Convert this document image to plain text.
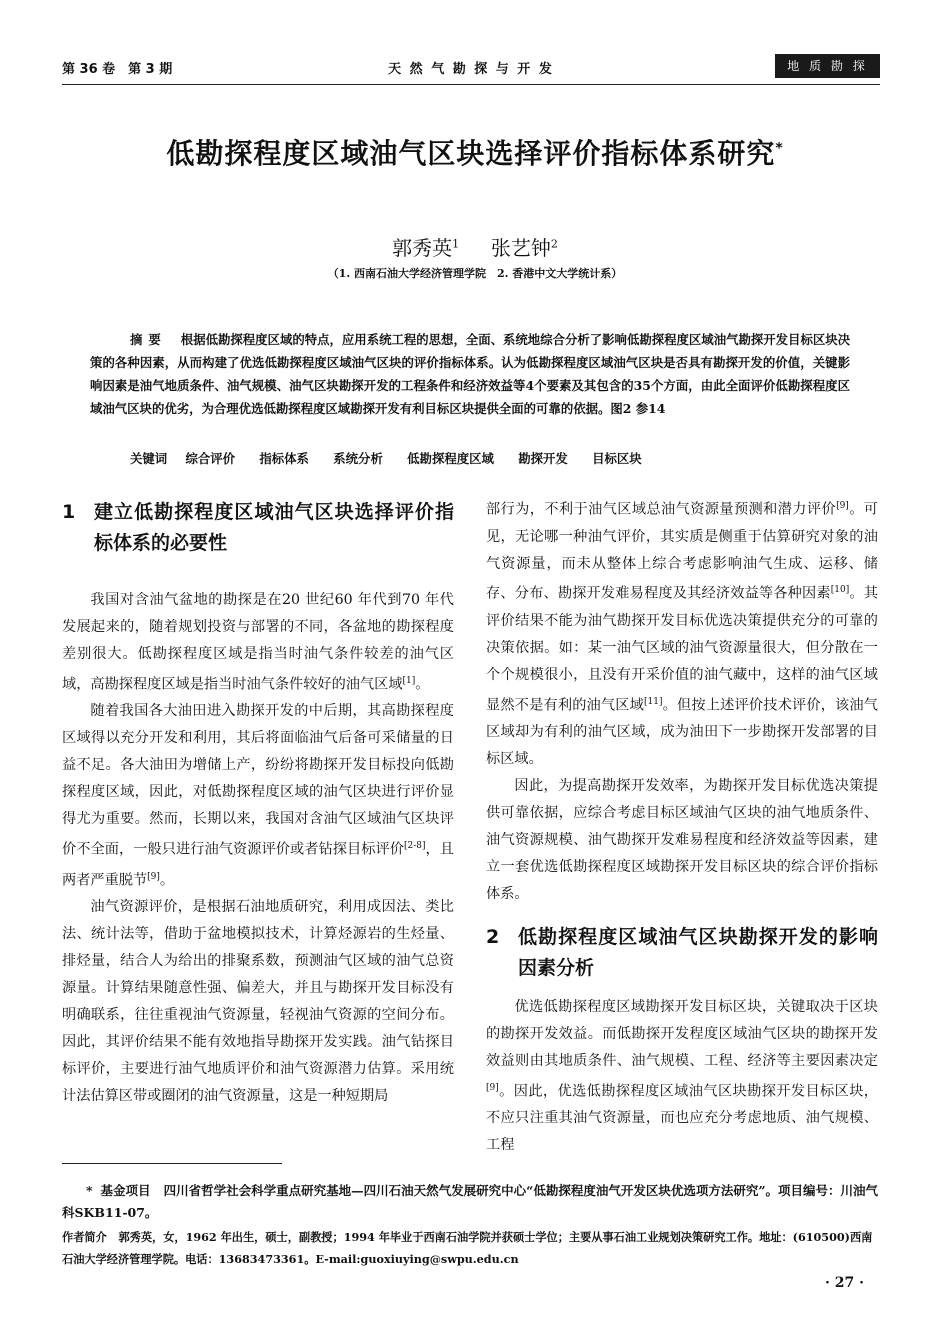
第 36 卷　第 3 期	天 然 气 勘 探 与 开 发	地 质 勘 探
低勘探程度区域油气区块选择评价指标体系研究*
郭秀英$^1$ 张艺钟$^2$
（1. 西南石油大学经济管理学院　2. 香港中文大学统计系）
摘要 根据低勘探程度区域的特点，应用系统工程的思想，全面、系统地综合分析了影响低勘探程度区域油气勘探开发目标区块决策的各种因素，从而构建了优选低勘探程度区域油气区块的评价指标体系。认为低勘探程度区域油气区块是否具有勘探开发的价值，关键影响因素是油气地质条件、油气规模、油气区块勘探开发的工程条件和经济效益等4个要素及其包含的35个方面，由此全面评价低勘探程度区域油气区块的优劣，为合理优选低勘探程度区域勘探开发有利目标区块提供全面的可靠的依据。图2 参14
关键词 综合评价 指标体系 系统分析 低勘探程度区域 勘探开发 目标区块
1 建立低勘探程度区域油气区块选择评价指标体系的必要性

我国对含油气盆地的勘探是在20 世纪60 年代到70 年代发展起来的，随着规划投资与部署的不同，各盆地的勘探程度差别很大。低勘探程度区域是指当时油气条件较差的油气区域，高勘探程度区域是指当时油气条件较好的油气区域[1]。

随着我国各大油田进入勘探开发的中后期，其高勘探程度区域得以充分开发和利用，其后将面临油气后备可采储量的日益不足。各大油田为增储上产，纷纷将勘探开发目标投向低勘探程度区域，因此，对低勘探程度区域的油气区块进行评价显得尤为重要。然而，长期以来，我国对含油气区域油气区块评价不全面，一般只进行油气资源评价或者钻探目标评价[2-8]，且两者严重脱节[9]。

油气资源评价，是根据石油地质研究，利用成因法、类比法、统计法等，借助于盆地模拟技术，计算烃源岩的生烃量、排烃量，结合人为给出的排聚系数，预测油气区域的油气总资源量。计算结果随意性强、偏差大，并且与勘探开发目标没有明确联系，往往重视油气资源量，轻视油气资源的空间分布。因此，其评价结果不能有效地指导勘探开发实践。油气钻探目标评价，主要进行油气地质评价和油气资源潜力估算。采用统计法估算区带或圈闭的油气资源量，这是一种短期局

部行为，不利于油气区域总油气资源量预测和潜力评价[9]。可见，无论哪一种油气评价，其实质是侧重于估算研究对象的油气资源量，而未从整体上综合考虑影响油气生成、运移、储存、分布、勘探开发难易程度及其经济效益等各种因素[10]。其评价结果不能为油气勘探开发目标优选决策提供充分的可靠的决策依据。如：某一油气区域的油气资源量很大，但分散在一个个规模很小，且没有开采价值的油气藏中，这样的油气区域显然不是有利的油气区域[11]。但按上述评价技术评价，该油气区域却为有利的油气区域，成为油田下一步勘探开发部署的目标区域。

因此，为提高勘探开发效率，为勘探开发目标优选决策提供可靠依据，应综合考虑目标区域油气区块的油气地质条件、油气资源规模、油气勘探开发难易程度和经济效益等因素，建立一套优选低勘探程度区域勘探开发目标区块的综合评价指标体系。

2 低勘探程度区域油气区块勘探开发的影响因素分析

优选低勘探程度区域勘探开发目标区块，关键取决于区块的勘探开发效益。而低勘探开发程度区域油气区块的勘探开发效益则由其地质条件、油气规模、工程、经济等主要因素决定[9]。因此，优选低勘探程度区域油气区块勘探开发目标区块，不应只注重其油气资源量，而也应充分考虑地质、油气规模、工程

* 基金项目 四川省哲学社会科学重点研究基地—四川石油天然气发展研究中心“低勘探程度油气开发区块优选项方法研究”。项目编号：川油气科SKB11-07。
作者简介 郭秀英，女，1962 年出生，硕士，副教授；1994 年毕业于西南石油学院并获硕士学位；主要从事石油工业规划决策研究工作。地址：(610500)西南石油大学经济管理学院。电话：13683473361。E-mail:guoxiuying@swpu.edu.cn
· 27 ·
